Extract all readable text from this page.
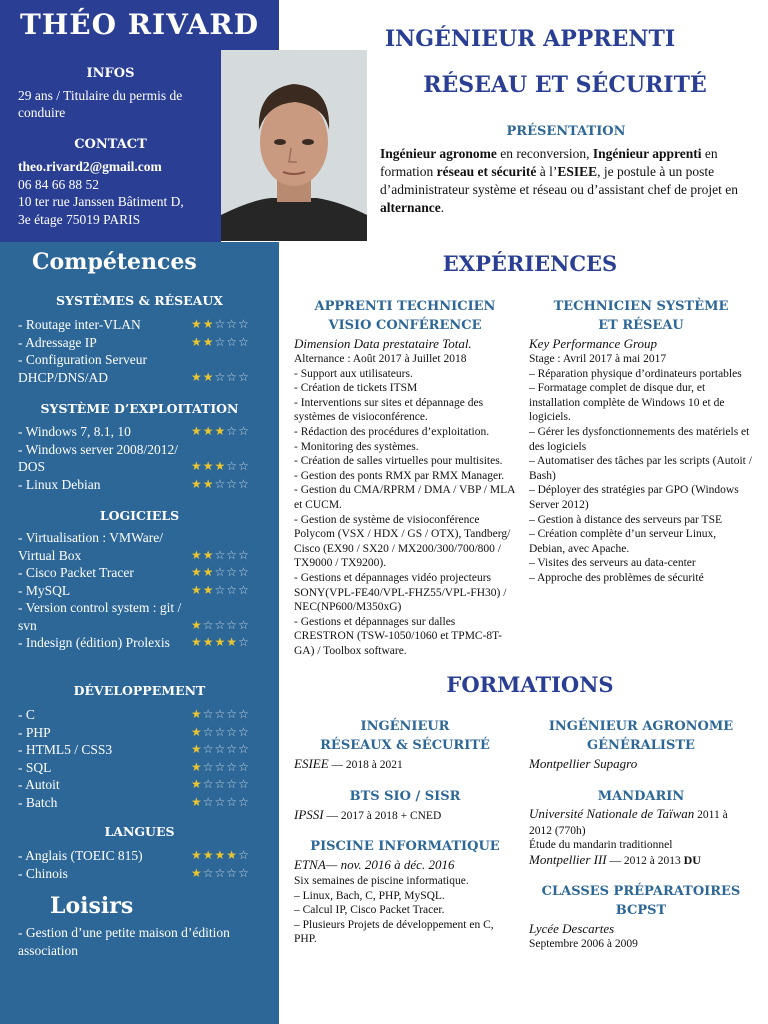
THÉO RIVARD
INFOS
29 ans / Titulaire du permis de conduire
CONTACT
theo.rivard2@gmail.com
06 84 66 88 52
10 ter rue Janssen Bâtiment D,
3e étage 75019 PARIS
Compétences
SYSTÈMES & RÉSEAUX
- Routage inter-VLAN	★★☆☆☆
- Adressage IP	★★☆☆☆
- Configuration Serveur DHCP/DNS/AD	★★☆☆☆
SYSTÈME D’EXPLOITATION
- Windows 7, 8.1, 10	★★★☆☆
- Windows server 2008/2012/ DOS	★★★☆☆
- Linux Debian	★★☆☆☆
LOGICIELS
- Virtualisation : VMWare/ Virtual Box	★★☆☆☆
- Cisco Packet Tracer	★★☆☆☆
- MySQL	★★☆☆☆
- Version control system : git / svn	★☆☆☆☆
- Indesign (édition) Prolexis	★★★★☆
DÉVELOPPEMENT
- C	★☆☆☆☆
- PHP	★☆☆☆☆
- HTML5 / CSS3	★☆☆☆☆
- SQL	★☆☆☆☆
- Autoit	★☆☆☆☆
- Batch	★☆☆☆☆
LANGUES
- Anglais (TOEIC 815)	★★★★☆
- Chinois	★☆☆☆☆
Loisirs
- Gestion d’une petite maison d’édition association
INGÉNIEUR APPRENTI
RÉSEAU ET SÉCURITÉ
PRÉSENTATION
Ingénieur agronome en reconversion, Ingénieur apprenti en formation réseau et sécurité à l’ESIEE, je postule à un poste d’administrateur système et réseau ou d’assistant chef de projet en alternance.
EXPÉRIENCES
APPRENTI TECHNICIEN
VISIO CONFÉRENCE
Dimension Data prestataire Total.
Alternance : Août 2017 à Juillet 2018
- Support aux utilisateurs.
- Création de tickets ITSM
- Interventions sur sites et dépannage des systèmes de visioconférence.
- Rédaction des procédures d’exploitation.
- Monitoring des systèmes.
- Création de salles virtuelles pour multisites.
- Gestion des ponts RMX par RMX Manager.
- Gestion du CMA/RPRM / DMA / VBP / MLA et CUCM.
- Gestion de système de visioconférence Polycom (VSX / HDX / GS / OTX), Tandberg/ Cisco (EX90 / SX20 / MX200/300/700/800 / TX9000 / TX9200).
- Gestions et dépannages vidéo projecteurs SONY(VPL-FE40/VPL-FHZ55/VPL-FH30) / NEC(NP600/M350xG)
- Gestions et dépannages sur dalles CRESTRON (TSW-1050/1060 et TPMC-8T-GA) / Toolbox software.
TECHNICIEN SYSTÈME
ET RÉSEAU
Key Performance Group
Stage : Avril 2017 à mai 2017
– Réparation physique d’ordinateurs portables
– Formatage complet de disque dur, et installation complète de Windows 10 et de logiciels.
– Gérer les dysfonctionnements des matériels et des logiciels
– Automatiser des tâches par les scripts (Autoit / Bash)
– Déployer des stratégies par GPO (Windows Server 2012)
– Gestion à distance des serveurs par TSE
– Création complète d’un serveur Linux, Debian, avec Apache.
– Visites des serveurs au data-center
– Approche des problèmes de sécurité
FORMATIONS
INGÉNIEUR
RÉSEAUX & SÉCURITÉ
ESIEE — 2018 à 2021
BTS SIO / SISR
IPSSI — 2017 à 2018 + CNED
PISCINE INFORMATIQUE
ETNA— nov. 2016 à déc. 2016
Six semaines de piscine informatique.
– Linux, Bach, C, PHP, MySQL.
– Calcul IP, Cisco Packet Tracer.
– Plusieurs Projets de développement en C, PHP.
INGÉNIEUR AGRONOME
GÉNÉRALISTE
Montpellier Supagro
MANDARIN
Université Nationale de Taïwan 2011 à 2012 (770h)
Étude du mandarin traditionnel
Montpellier III — 2012 à 2013 DU
CLASSES PRÉPARATOIRES
BCPST
Lycée Descartes
Septembre 2006 à 2009
